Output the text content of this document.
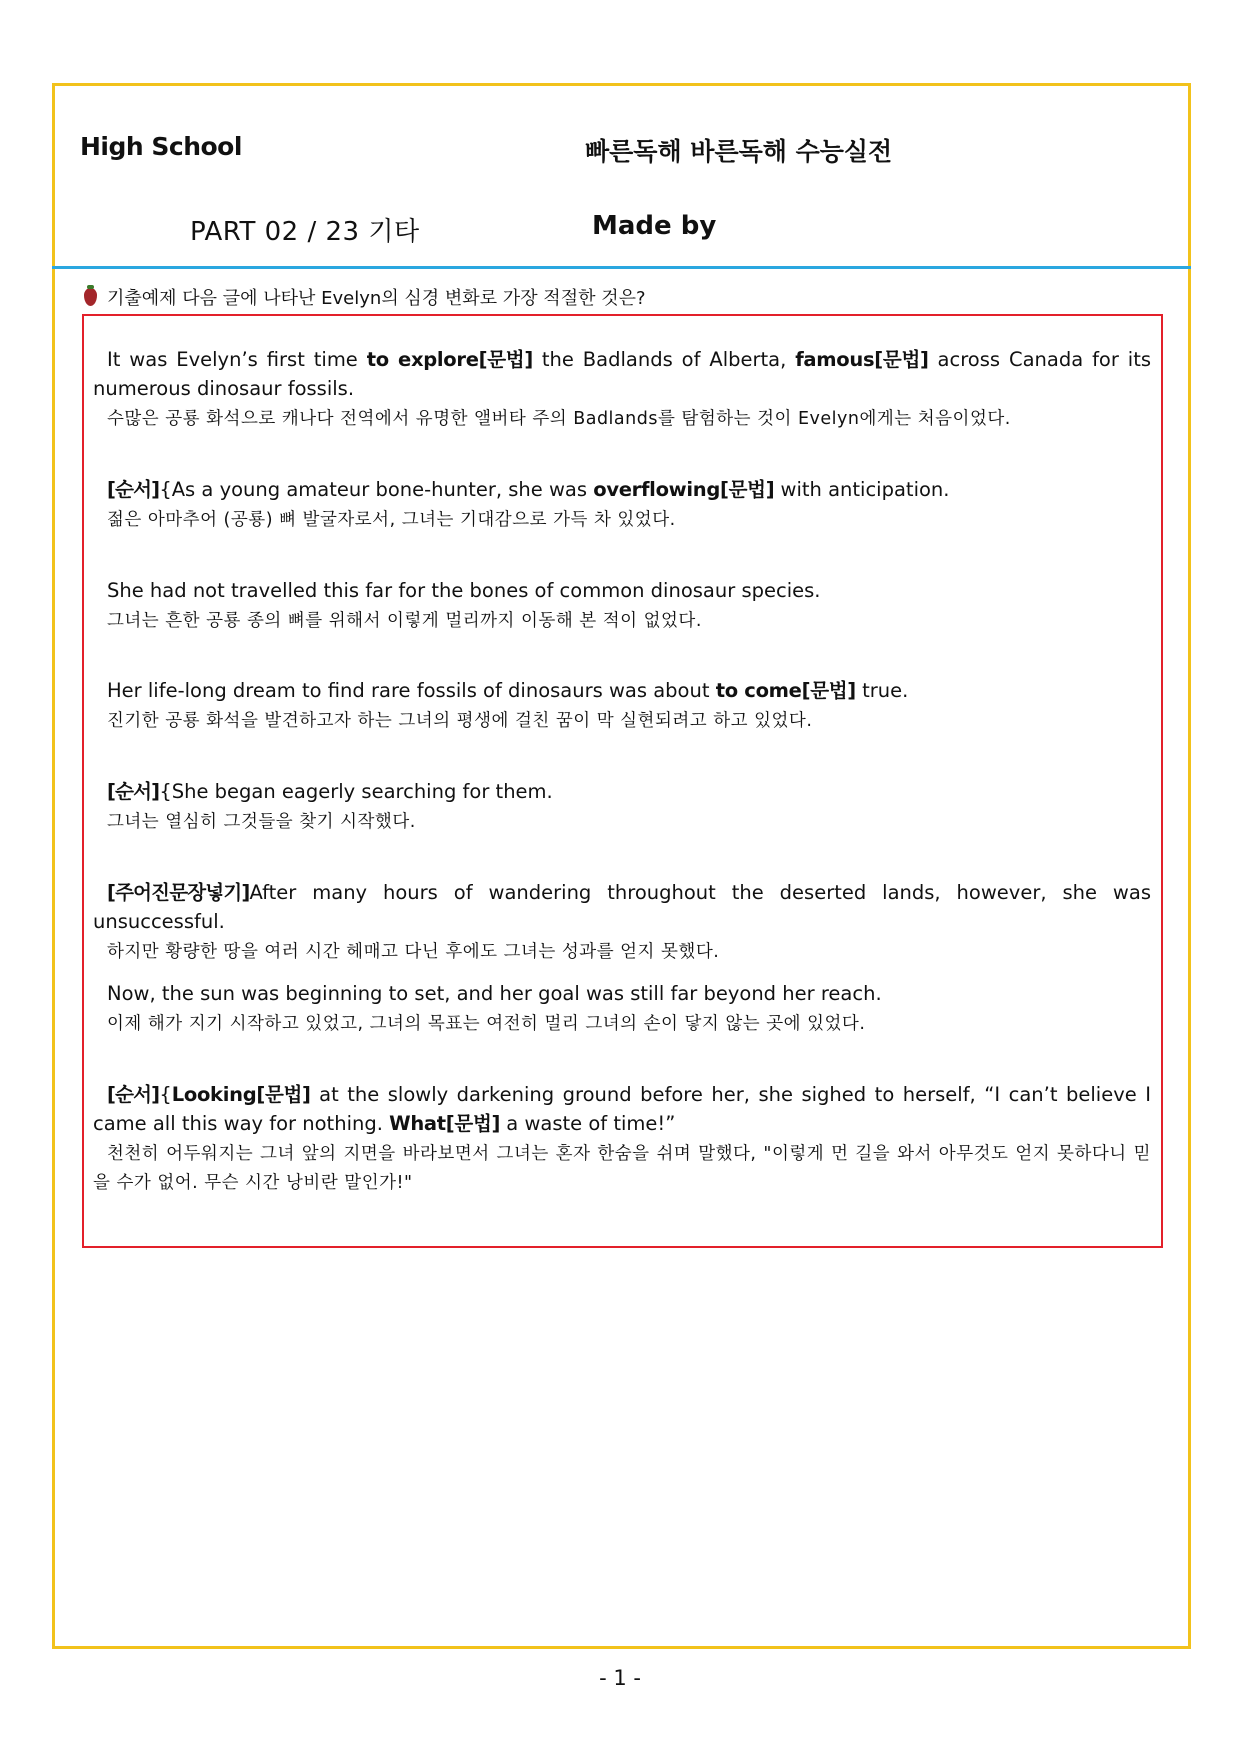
High School	빠른독해 바른독해 수능실전
PART 02 / 23 기타	Made by
기출예제 다음 글에 나타난 Evelyn의 심경 변화로 가장 적절한 것은?

It was Evelyn’s first time to explore[문법] the Badlands of Alberta, famous[문법] across Canada for its numerous dinosaur fossils.

수많은 공룡 화석으로 캐나다 전역에서 유명한 앨버타 주의 Badlands를 탐험하는 것이 Evelyn에게는 처음이었다.

[순서]{As a young amateur bone-hunter, she was overflowing[문법] with anticipation.

젊은 아마추어 (공룡) 뼈 발굴자로서, 그녀는 기대감으로 가득 차 있었다.

She had not travelled this far for the bones of common dinosaur species.

그녀는 흔한 공룡 종의 뼈를 위해서 이렇게 멀리까지 이동해 본 적이 없었다.

Her life-long dream to find rare fossils of dinosaurs was about to come[문법] true.

진기한 공룡 화석을 발견하고자 하는 그녀의 평생에 걸친 꿈이 막 실현되려고 하고 있었다.

[순서]{She began eagerly searching for them.

그녀는 열심히 그것들을 찾기 시작했다.

[주어진문장넣기]After many hours of wandering throughout the deserted lands, however, she was unsuccessful.

하지만 황량한 땅을 여러 시간 헤매고 다닌 후에도 그녀는 성과를 얻지 못했다.

Now, the sun was beginning to set, and her goal was still far beyond her reach.

이제 해가 지기 시작하고 있었고, 그녀의 목표는 여전히 멀리 그녀의 손이 닿지 않는 곳에 있었다.

[순서]{Looking[문법] at the slowly darkening ground before her, she sighed to herself, “I can’t believe I came all this way for nothing. What[문법] a waste of time!”

천천히 어두워지는 그녀 앞의 지면을 바라보면서 그녀는 혼자 한숨을 쉬며 말했다, "이렇게 먼 길을 와서 아무것도 얻지 못하다니 믿을 수가 없어. 무슨 시간 낭비란 말인가!"

- 1 -
